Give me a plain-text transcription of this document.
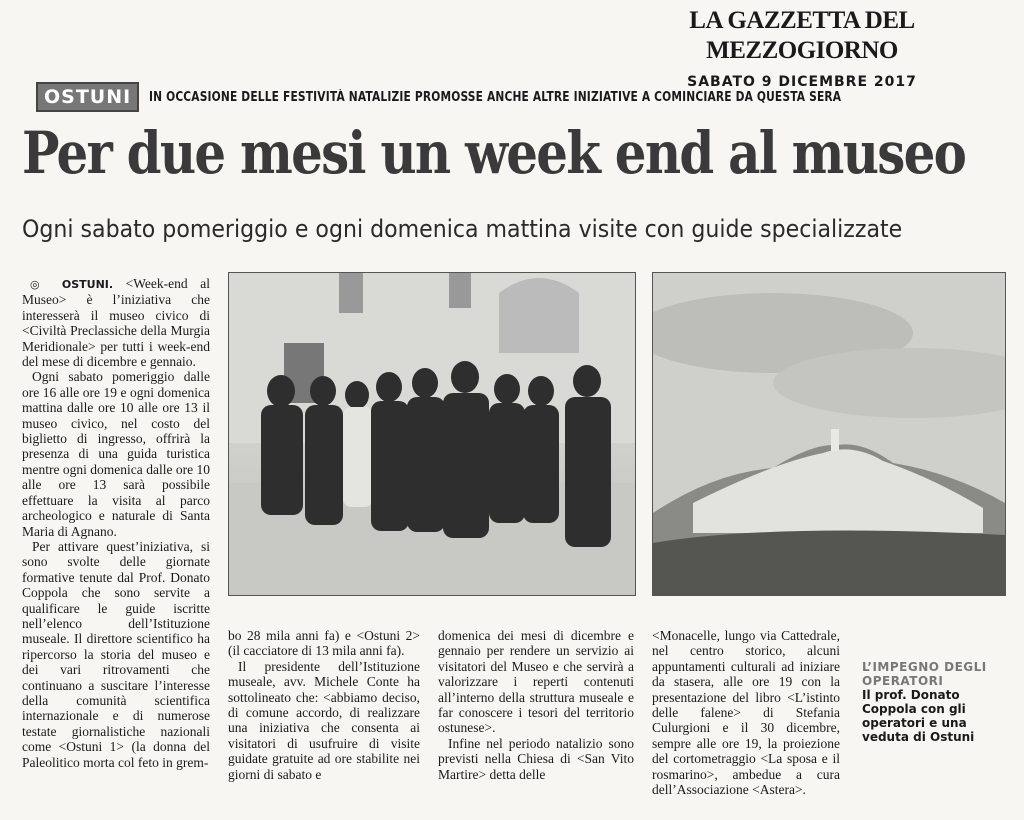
LA GAZZETTA DEL MEZZOGIORNO
SABATO 9 DICEMBRE 2017
OSTUNI	IN OCCASIONE DELLE FESTIVITÀ NATALIZIE PROMOSSE ANCHE ALTRE INIZIATIVE A COMINCIARE DA QUESTA SERA
Per due mesi un week end al museo
Ogni sabato pomeriggio e ogni domenica mattina visite con guide specializzate

◎ OSTUNI. <Week-end al Museo> è l’iniziativa che interesserà il museo civico di <Civiltà Preclassiche della Murgia Meridionale> per tutti i week-end del mese di dicembre e gennaio.

Ogni sabato pomeriggio dalle ore 16 alle ore 19 e ogni domenica mattina dalle ore 10 alle ore 13 il museo civico, nel costo del biglietto di ingresso, offrirà la presenza di una guida turistica mentre ogni domenica dalle ore 10 alle ore 13 sarà possibile effettuare la visita al parco archeologico e naturale di Santa Maria di Agnano.

Per attivare quest’iniziativa, si sono svolte delle giornate formative tenute dal Prof. Donato Coppola che sono servite a qualificare le guide iscritte nell’elenco dell’Istituzione museale. Il direttore scientifico ha ripercorso la storia del museo e dei vari ritrovamenti che continuano a suscitare l’interesse della comunità scientifica internazionale e di numerose testate giornalistiche nazionali come <Ostuni 1> (la donna del Paleolitico morta col feto in grem-

bo 28 mila anni fa) e <Ostuni 2> (il cacciatore di 13 mila anni fa).

Il presidente dell’Istituzione museale, avv. Michele Conte ha sottolineato che: <abbiamo deciso, di comune accordo, di realizzare una iniziativa che consenta ai visitatori di usufruire di visite guidate gratuite ad ore stabilite nei giorni di sabato e

domenica dei mesi di dicembre e gennaio per rendere un servizio ai visitatori del Museo e che servirà a valorizzare i reperti contenuti all’interno della struttura museale e far conoscere i tesori del territorio ostunese>.

Infine nel periodo natalizio sono previsti nella Chiesa di <San Vito Martire> detta delle

<Monacelle, lungo via Cattedrale, nel centro storico, alcuni appuntamenti culturali ad iniziare da stasera, alle ore 19 con la presentazione del libro <L’istinto delle falene> di Stefania Culurgioni e il 30 dicembre, sempre alle ore 19, la proiezione del cortometraggio <La sposa e il rosmarino>, ambedue a cura dell’Associazione <Astera>.

L’IMPEGNO DEGLI OPERATORI
Il prof. Donato Coppola con gli operatori e una veduta di Ostuni
